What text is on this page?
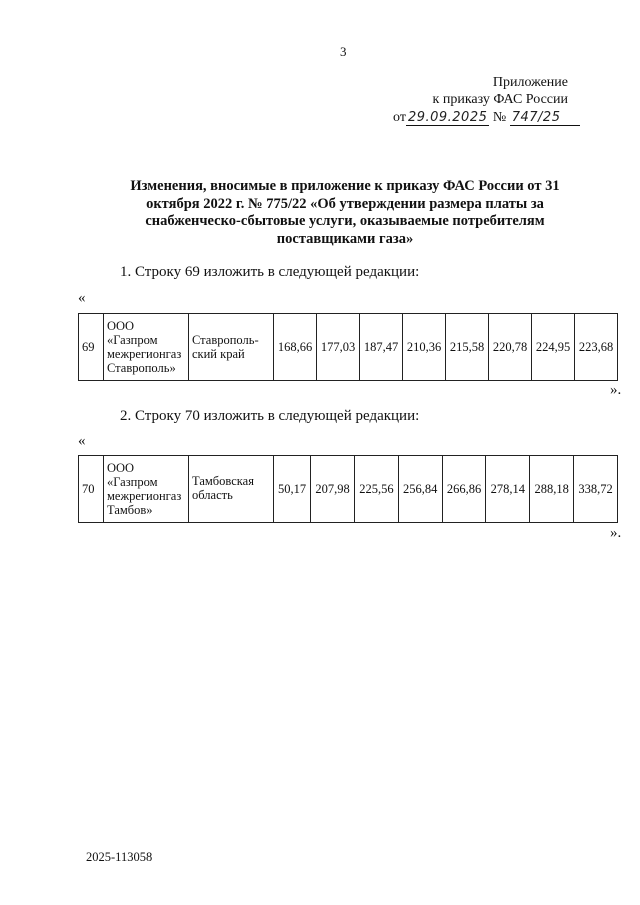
3
Приложение
к приказу ФАС России
от 29.09.2025 № 747/25
Изменения, вносимые в приложение к приказу ФАС России от 31 октября 2022 г. № 775/22 «Об утверждении размера платы за снабженческо-сбытовые услуги, оказываемые потребителям поставщиками газа»
1. Строку 69 изложить в следующей редакции:
«
69	ООО «Газпром межрегионгаз Ставрополь»	Ставрополь-ский край	168,66	177,03	187,47	210,36	215,58	220,78	224,95	223,68
».
2. Строку 70 изложить в следующей редакции:
«
70	ООО «Газпром межрегионгаз Тамбов»	Тамбовская область	50,17	207,98	225,56	256,84	266,86	278,14	288,18	338,72
».
2025-113058
